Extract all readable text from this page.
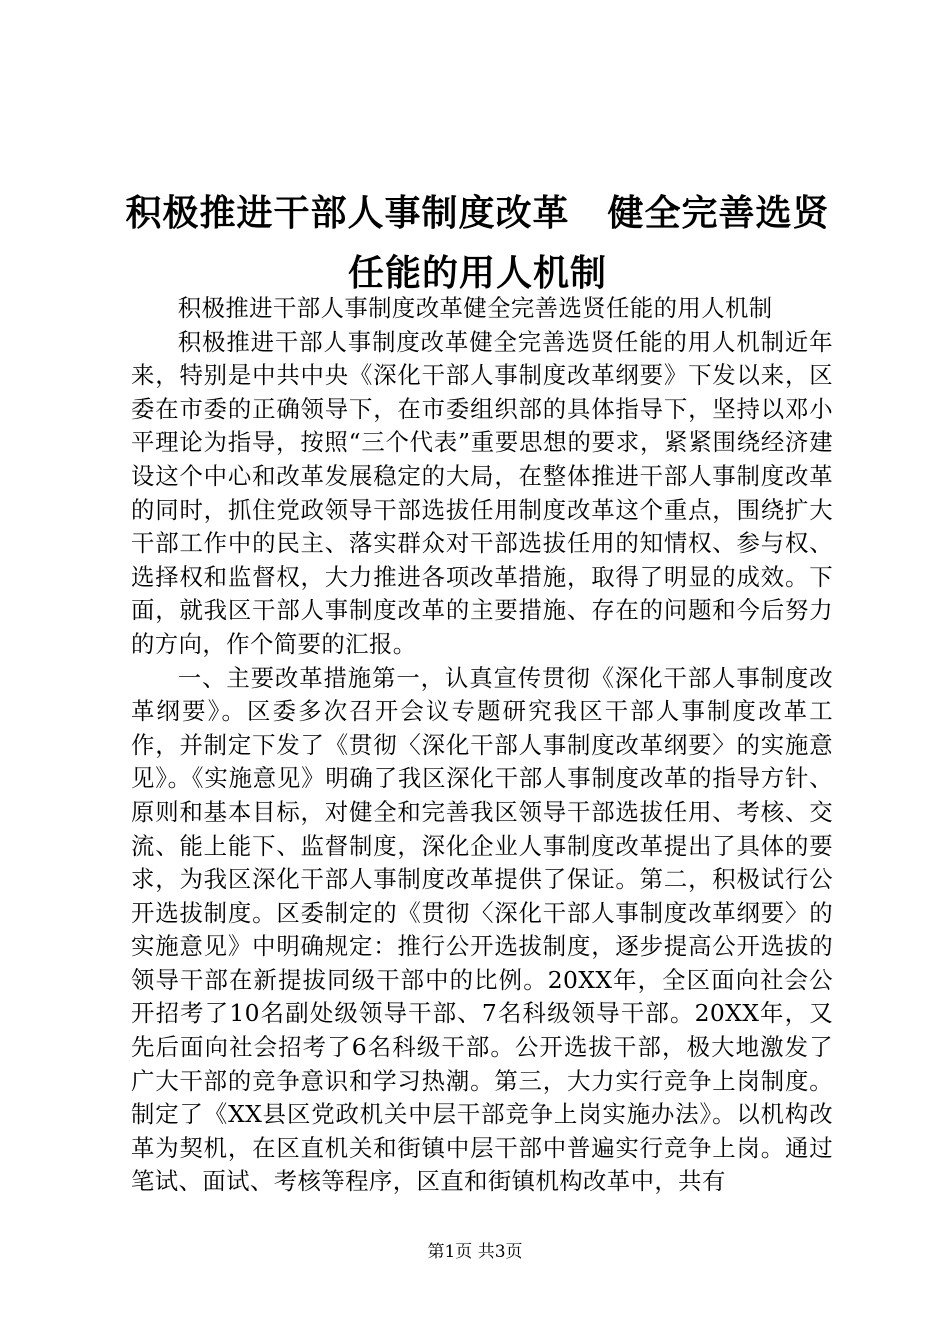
积极推进干部人事制度改革 健全完善选贤任能的用人机制

积极推进干部人事制度改革健全完善选贤任能的用人机制

积极推进干部人事制度改革健全完善选贤任能的用人机制近年来，特别是中共中央《深化干部人事制度改革纲要》下发以来，区委在市委的正确领导下，在市委组织部的具体指导下，坚持以邓小平理论为指导，按照“三个代表”重要思想的要求，紧紧围绕经济建设这个中心和改革发展稳定的大局，在整体推进干部人事制度改革的同时，抓住党政领导干部选拔任用制度改革这个重点，围绕扩大干部工作中的民主、落实群众对干部选拔任用的知情权、参与权、选择权和监督权，大力推进各项改革措施，取得了明显的成效。下面，就我区干部人事制度改革的主要措施、存在的问题和今后努力的方向，作个简要的汇报。

一、主要改革措施第一，认真宣传贯彻《深化干部人事制度改革纲要》。区委多次召开会议专题研究我区干部人事制度改革工作，并制定下发了《贯彻〈深化干部人事制度改革纲要〉的实施意见》。《实施意见》明确了我区深化干部人事制度改革的指导方针、原则和基本目标，对健全和完善我区领导干部选拔任用、考核、交流、能上能下、监督制度，深化企业人事制度改革提出了具体的要求，为我区深化干部人事制度改革提供了保证。第二，积极试行公开选拔制度。区委制定的《贯彻〈深化干部人事制度改革纲要〉的实施意见》中明确规定：推行公开选拔制度，逐步提高公开选拔的领导干部在新提拔同级干部中的比例。20XX年，全区面向社会公开招考了10名副处级领导干部、7名科级领导干部。20XX年，又先后面向社会招考了6名科级干部。公开选拔干部，极大地激发了广大干部的竞争意识和学习热潮。第三，大力实行竞争上岗制度。制定了《XX县区党政机关中层干部竞争上岗实施办法》。以机构改革为契机，在区直机关和街镇中层干部中普遍实行竞争上岗。通过笔试、面试、考核等程序，区直和街镇机构改革中，共有

第1页 共3页
